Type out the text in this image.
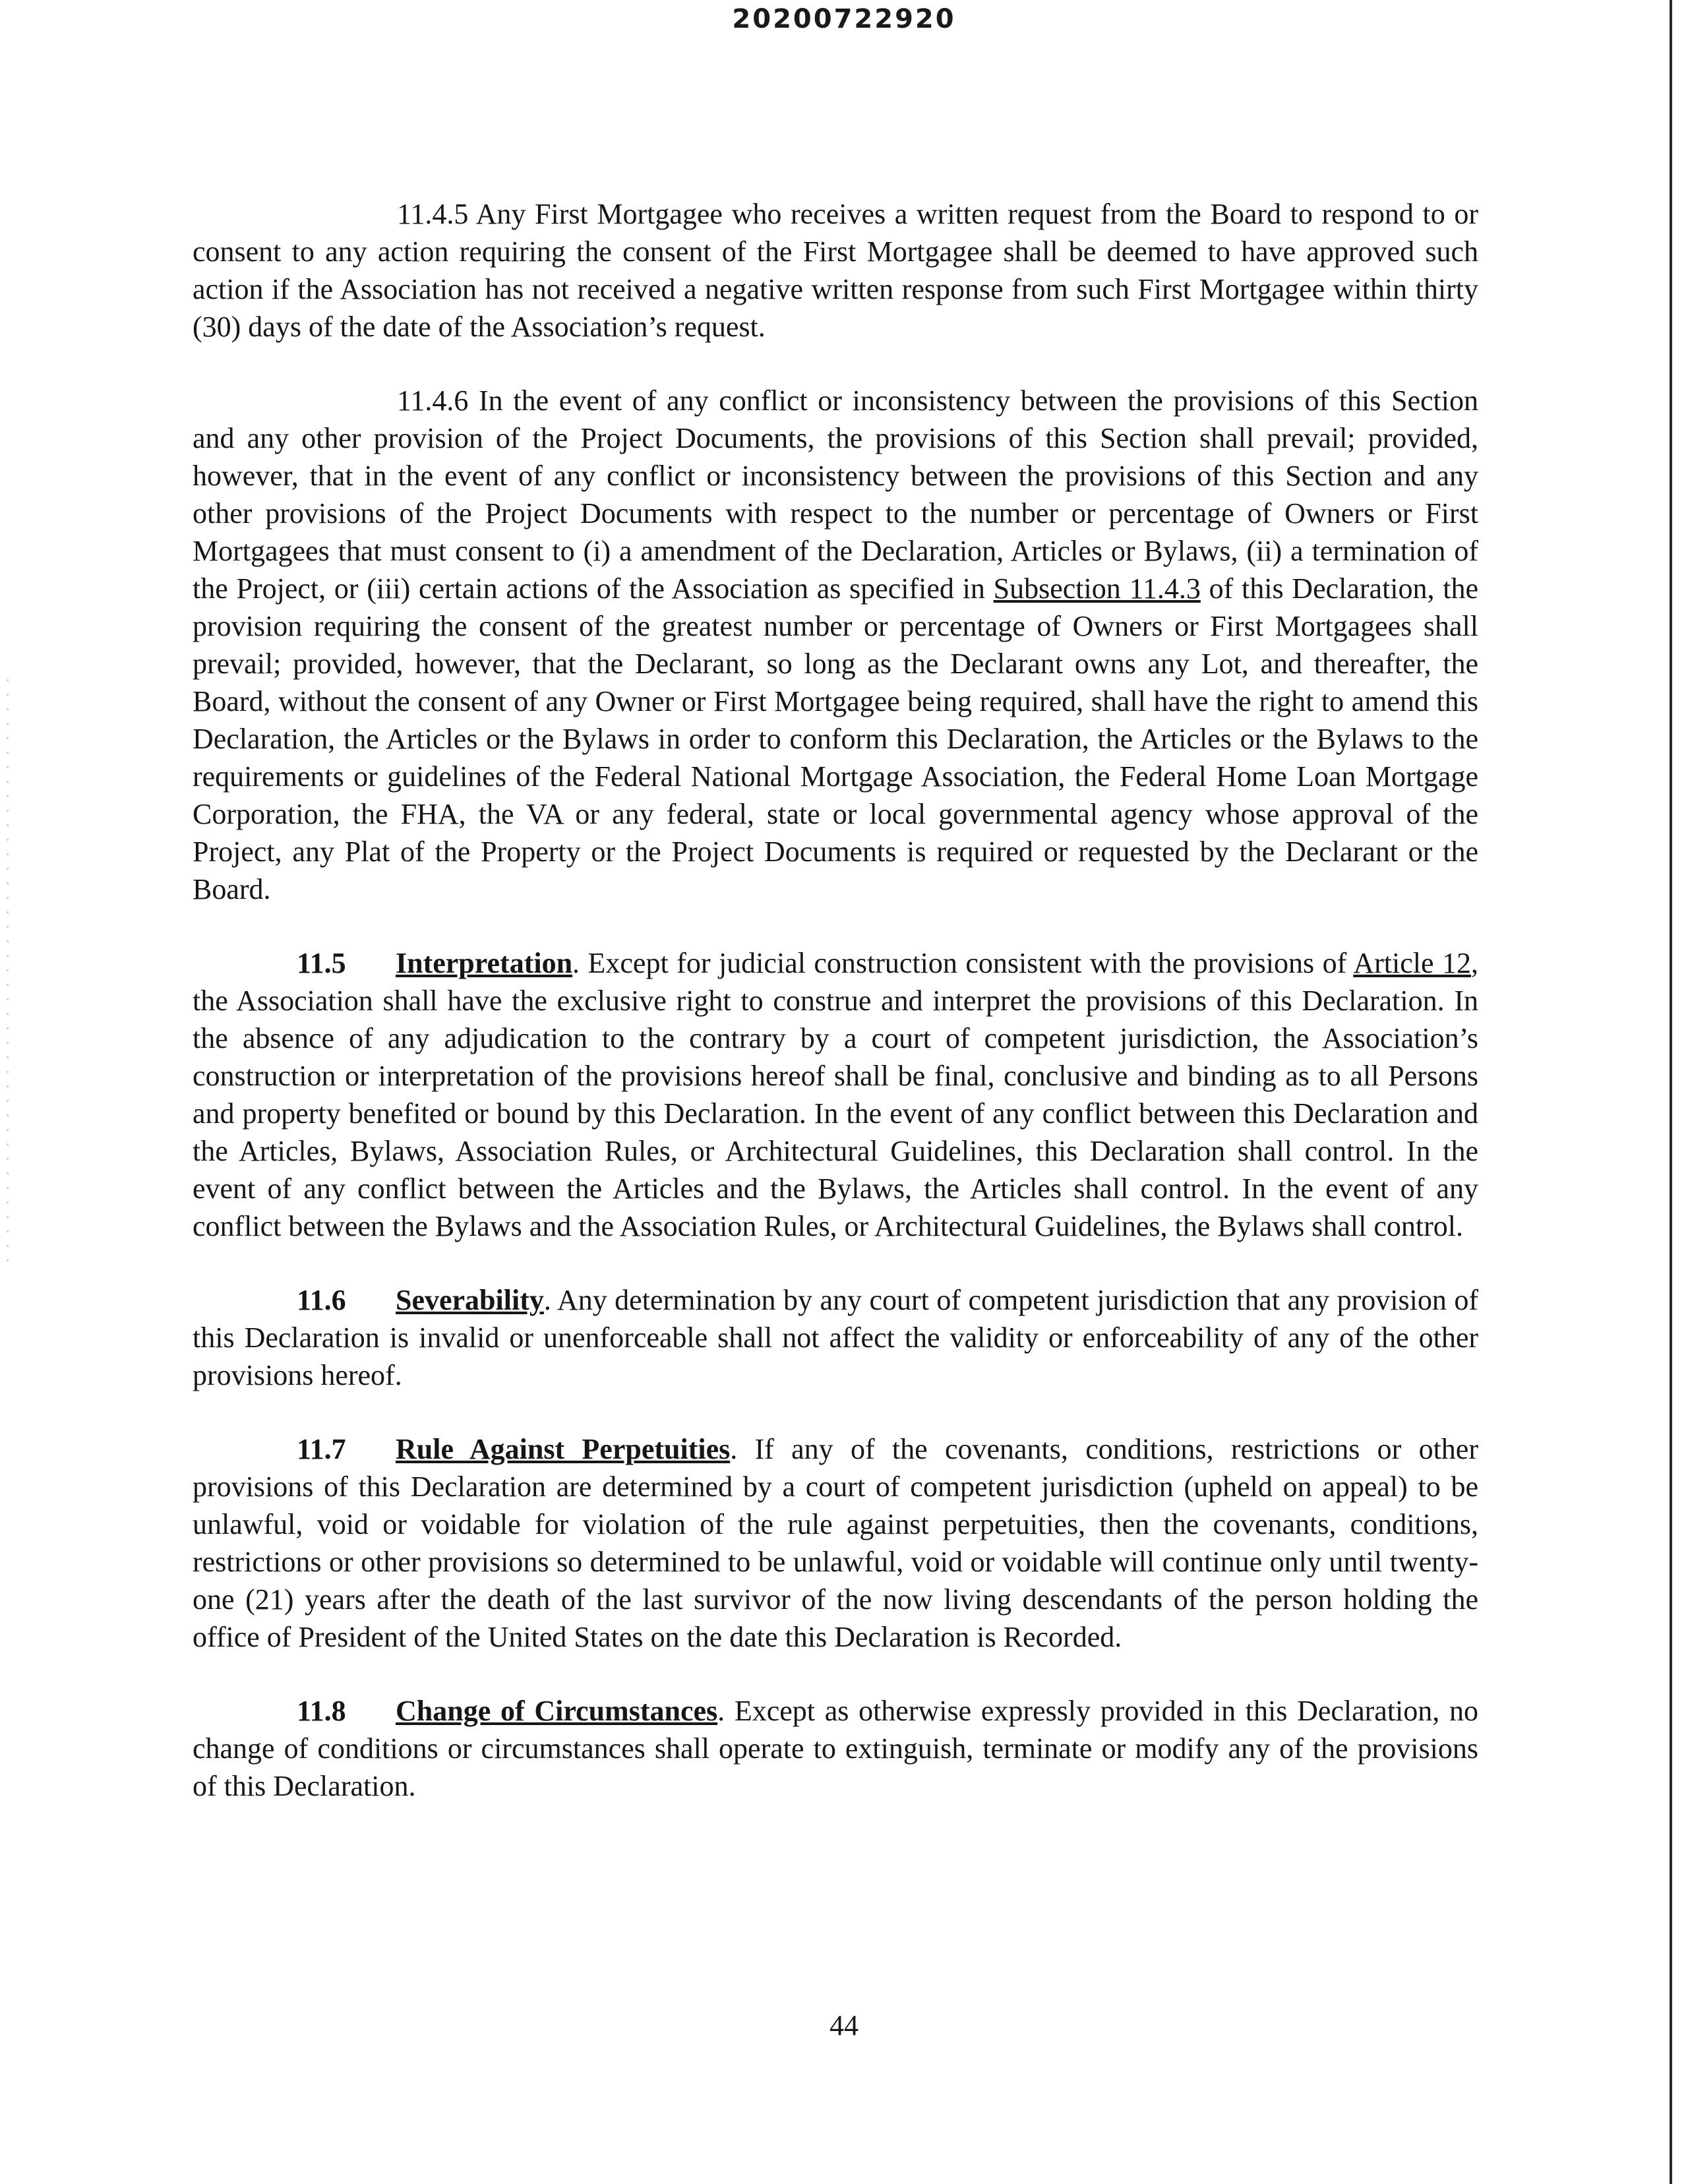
20200722920

11.4.5 Any First Mortgagee who receives a written request from the Board to respond to or consent to any action requiring the consent of the First Mortgagee shall be deemed to have approved such action if the Association has not received a negative written response from such First Mortgagee within thirty (30) days of the date of the Association’s request.

11.4.6 In the event of any conflict or inconsistency between the provisions of this Section and any other provision of the Project Documents, the provisions of this Section shall prevail; provided, however, that in the event of any conflict or inconsistency between the provisions of this Section and any other provisions of the Project Documents with respect to the number or percentage of Owners or First Mortgagees that must consent to (i) a amendment of the Declaration, Articles or Bylaws, (ii) a termination of the Project, or (iii) certain actions of the Association as specified in Subsection 11.4.3 of this Declaration, the provision requiring the consent of the greatest number or percentage of Owners or First Mortgagees shall prevail; provided, however, that the Declarant, so long as the Declarant owns any Lot, and thereafter, the Board, without the consent of any Owner or First Mortgagee being required, shall have the right to amend this Declaration, the Articles or the Bylaws in order to conform this Declaration, the Articles or the Bylaws to the requirements or guidelines of the Federal National Mortgage Association, the Federal Home Loan Mortgage Corporation, the FHA, the VA or any federal, state or local governmental agency whose approval of the Project, any Plat of the Property or the Project Documents is required or requested by the Declarant or the Board.

11.5 Interpretation. Except for judicial construction consistent with the provisions of Article 12, the Association shall have the exclusive right to construe and interpret the provisions of this Declaration. In the absence of any adjudication to the contrary by a court of competent jurisdiction, the Association’s construction or interpretation of the provisions hereof shall be final, conclusive and binding as to all Persons and property benefited or bound by this Declaration. In the event of any conflict between this Declaration and the Articles, Bylaws, Association Rules, or Architectural Guidelines, this Declaration shall control. In the event of any conflict between the Articles and the Bylaws, the Articles shall control. In the event of any conflict between the Bylaws and the Association Rules, or Architectural Guidelines, the Bylaws shall control.

11.6 Severability. Any determination by any court of competent jurisdiction that any provision of this Declaration is invalid or unenforceable shall not affect the validity or enforceability of any of the other provisions hereof.

11.7 Rule Against Perpetuities. If any of the covenants, conditions, restrictions or other provisions of this Declaration are determined by a court of competent jurisdiction (upheld on appeal) to be unlawful, void or voidable for violation of the rule against perpetuities, then the covenants, conditions, restrictions or other provisions so determined to be unlawful, void or voidable will continue only until twenty-one (21) years after the death of the last survivor of the now living descendants of the person holding the office of President of the United States on the date this Declaration is Recorded.

11.8 Change of Circumstances. Except as otherwise expressly provided in this Declaration, no change of conditions or circumstances shall operate to extinguish, terminate or modify any of the provisions of this Declaration.

44
